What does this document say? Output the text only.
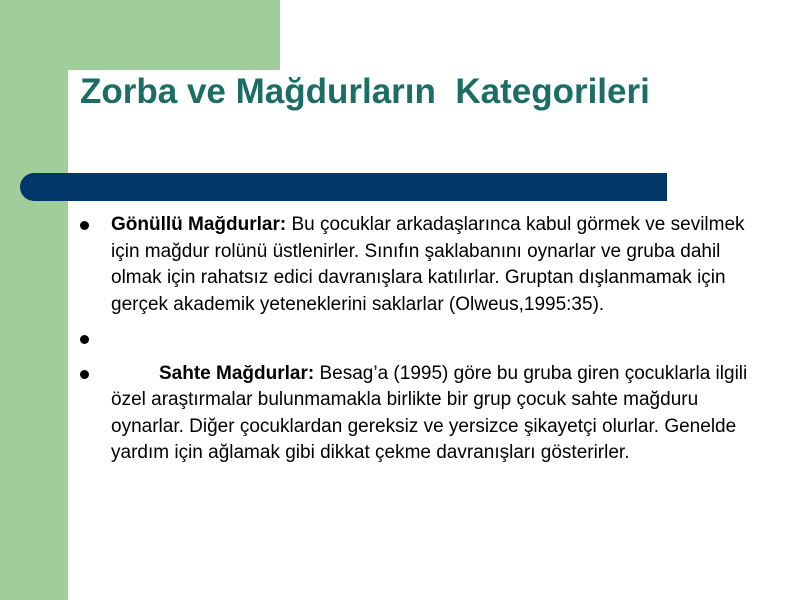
Zorba ve Mağdurların  Kategorileri
Gönüllü Mağdurlar: Bu çocuklar arkadaşlarınca kabul görmek ve sevilmek için mağdur rolünü üstlenirler. Sınıfın şaklabanını oynarlar ve gruba dahil olmak için rahatsız edici davranışlara katılırlar. Gruptan dışlanmamak için gerçek akademik yeteneklerini saklarlar (Olweus,1995:35).

Sahte Mağdurlar: Besag’a (1995) göre bu gruba giren çocuklarla ilgili özel araştırmalar bulunmamakla birlikte bir grup çocuk sahte mağduru oynarlar. Diğer çocuklardan gereksiz ve yersizce şikayetçi olurlar. Genelde yardım için ağlamak gibi dikkat çekme davranışları gösterirler.
